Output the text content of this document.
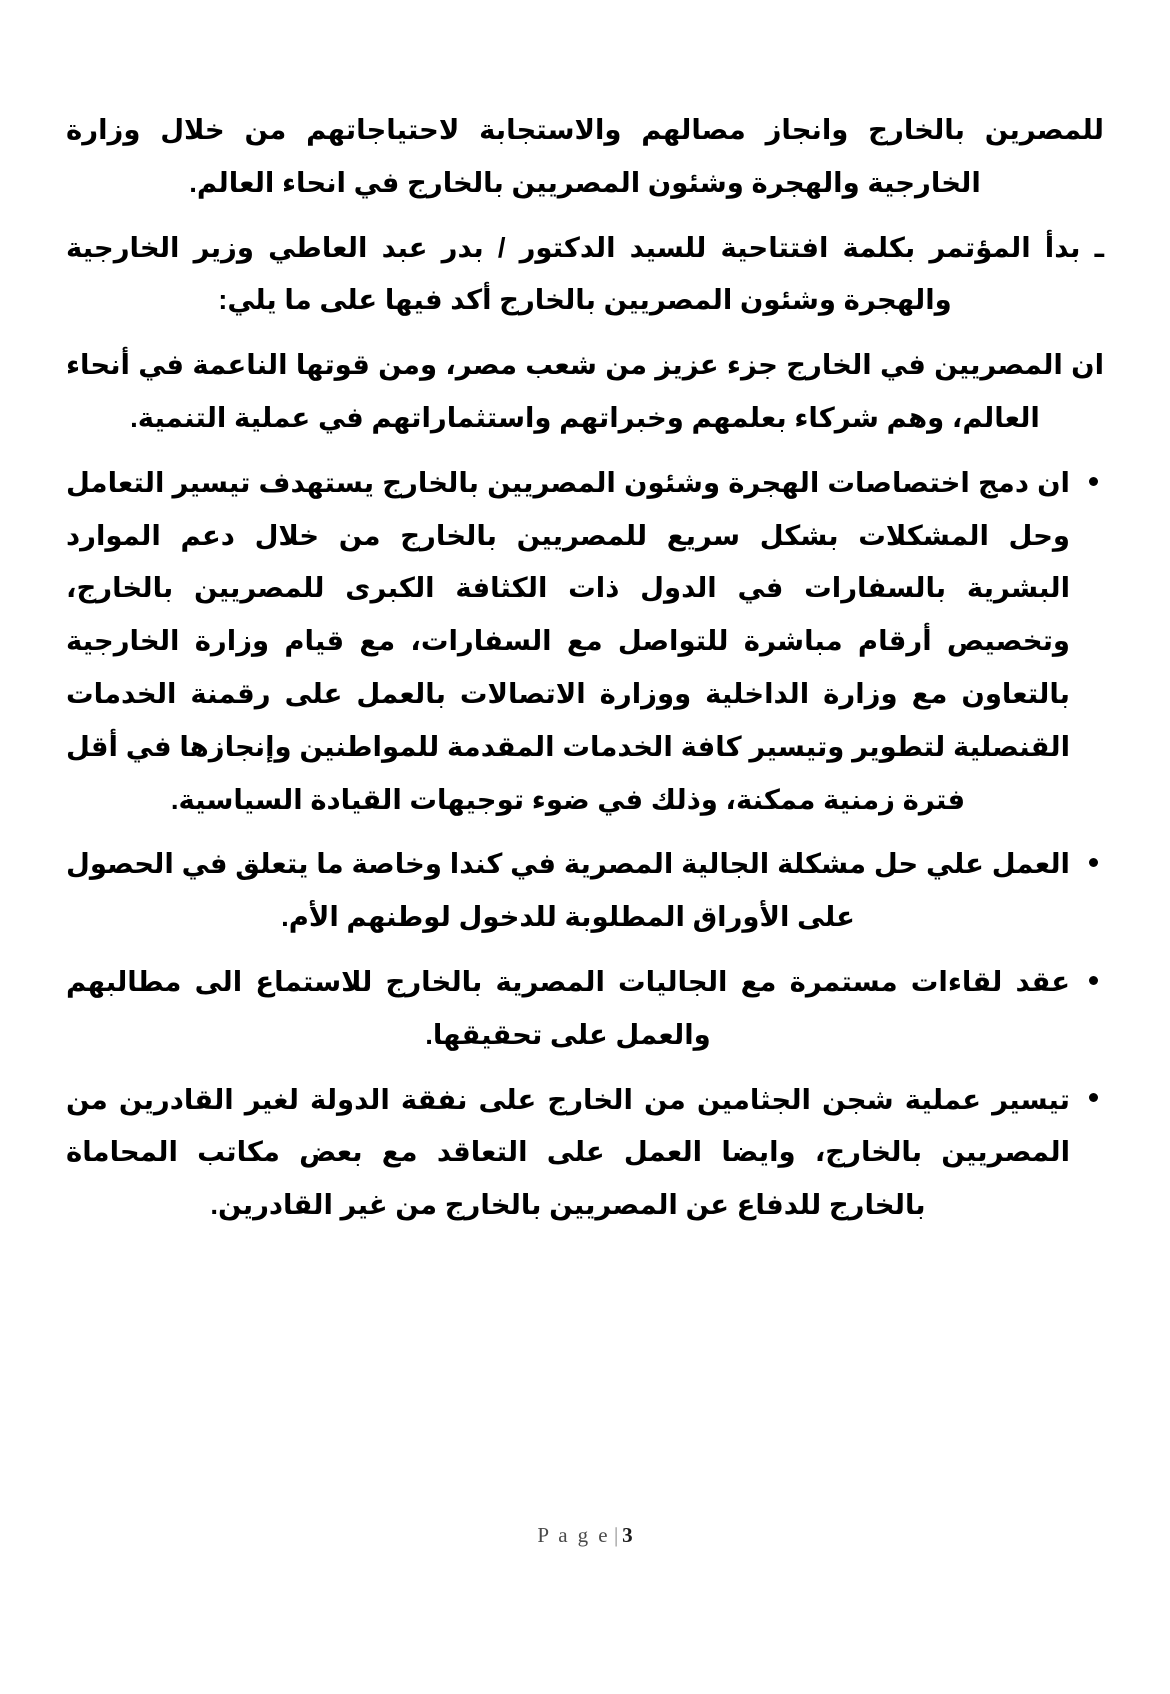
للمصرين بالخارج وانجاز مصالهم والاستجابة لاحتياجاتهم من خلال وزارة الخارجية والهجرة وشئون المصريين بالخارج في انحاء العالم.

ـ بدأ المؤتمر بكلمة افتتاحية للسيد الدكتور / بدر عبد العاطي وزير الخارجية والهجرة وشئون المصريين بالخارج أكد فيها على ما يلي:

ان المصريين في الخارج جزء عزيز من شعب مصر، ومن قوتها الناعمة في أنحاء العالم، وهم شركاء بعلمهم وخبراتهم واستثماراتهم في عملية التنمية.

ان دمج اختصاصات الهجرة وشئون المصريين بالخارج يستهدف تيسير التعامل وحل المشكلات بشكل سريع للمصريين بالخارج من خلال دعم الموارد البشرية بالسفارات في الدول ذات الكثافة الكبرى للمصريين بالخارج، وتخصيص أرقام مباشرة للتواصل مع السفارات، مع قيام وزارة الخارجية بالتعاون مع وزارة الداخلية ووزارة الاتصالات بالعمل على رقمنة الخدمات القنصلية لتطوير وتيسير كافة الخدمات المقدمة للمواطنين وإنجازها في أقل فترة زمنية ممكنة، وذلك في ضوء توجيهات القيادة السياسية.
العمل علي حل مشكلة الجالية المصرية في كندا وخاصة ما يتعلق في الحصول على الأوراق المطلوبة للدخول لوطنهم الأم.
عقد لقاءات مستمرة مع الجاليات المصرية بالخارج للاستماع الى مطالبهم والعمل على تحقيقها.
تيسير عملية شجن الجثامين من الخارج على نفقة الدولة لغير القادرين من المصريين بالخارج، وايضا العمل على التعاقد مع بعض مكاتب المحاماة بالخارج للدفاع عن المصريين بالخارج من غير القادرين.
P a g e | 3
